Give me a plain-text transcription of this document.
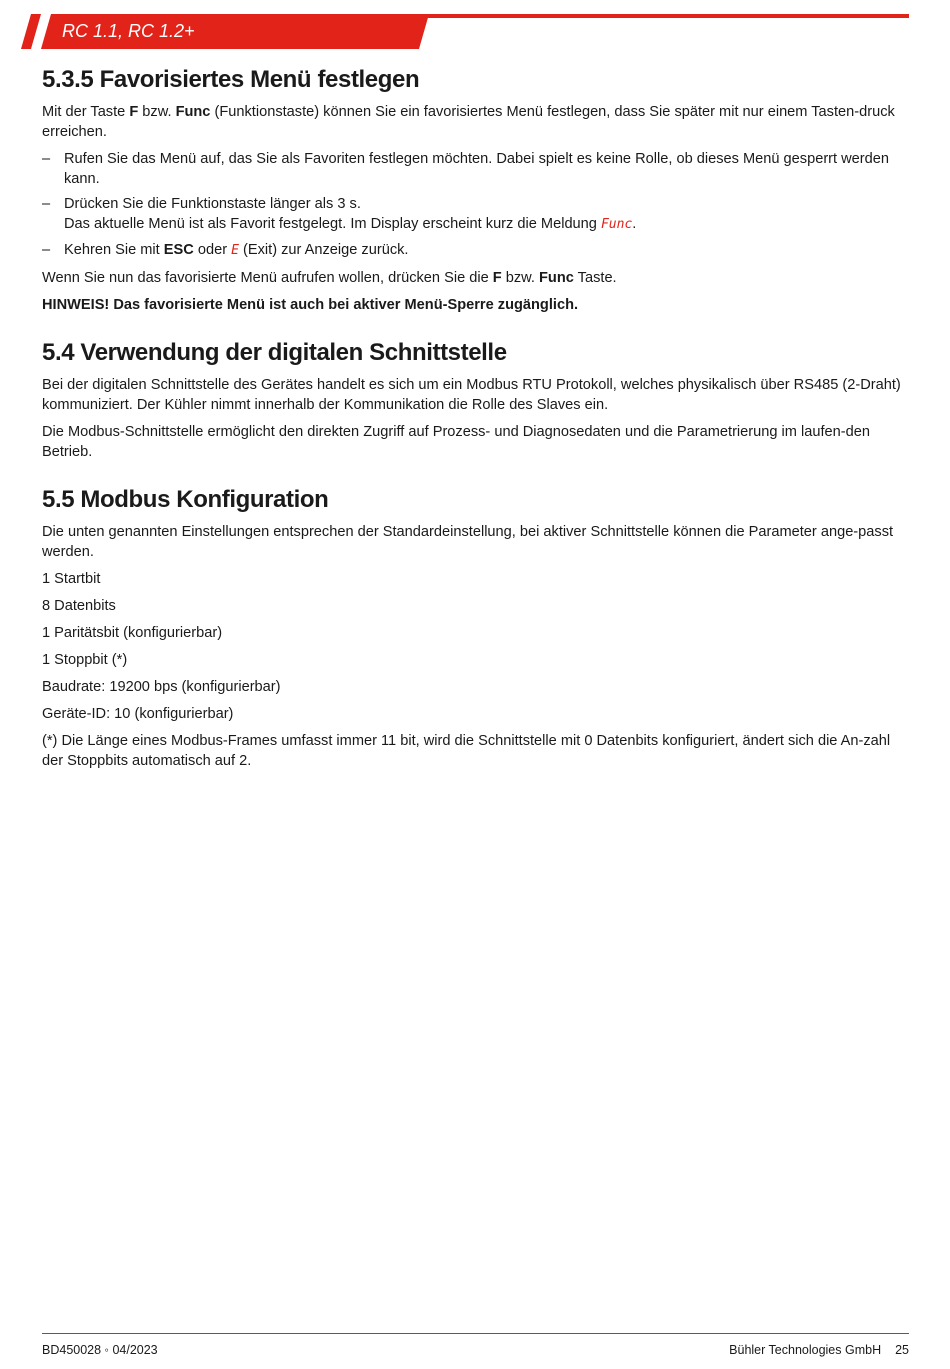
RC 1.1, RC 1.2+
5.3.5 Favorisiertes Menü festlegen

Mit der Taste F bzw. Func (Funktionstaste) können Sie ein favorisiertes Menü festlegen, dass Sie später mit nur einem Tasten-druck erreichen.

– Rufen Sie das Menü auf, das Sie als Favoriten festlegen möchten. Dabei spielt es keine Rolle, ob dieses Menü gesperrt werden kann.
– Drücken Sie die Funktionstaste länger als 3 s.
Das aktuelle Menü ist als Favorit festgelegt. Im Display erscheint kurz die Meldung Func.
– Kehren Sie mit ESC oder E (Exit) zur Anzeige zurück.

Wenn Sie nun das favorisierte Menü aufrufen wollen, drücken Sie die F bzw. Func Taste.

HINWEIS! Das favorisierte Menü ist auch bei aktiver Menü-Sperre zugänglich.

5.4 Verwendung der digitalen Schnittstelle

Bei der digitalen Schnittstelle des Gerätes handelt es sich um ein Modbus RTU Protokoll, welches physikalisch über RS485 (2-Draht) kommuniziert. Der Kühler nimmt innerhalb der Kommunikation die Rolle des Slaves ein.

Die Modbus-Schnittstelle ermöglicht den direkten Zugriff auf Prozess- und Diagnosedaten und die Parametrierung im laufen-den Betrieb.

5.5 Modbus Konfiguration

Die unten genannten Einstellungen entsprechen der Standardeinstellung, bei aktiver Schnittstelle können die Parameter ange-passt werden.

1 Startbit

8 Datenbits

1 Paritätsbit (konfigurierbar)

1 Stoppbit (*)

Baudrate: 19200 bps (konfigurierbar)

Geräte-ID: 10 (konfigurierbar)

(*) Die Länge eines Modbus-Frames umfasst immer 11 bit, wird die Schnittstelle mit 0 Datenbits konfiguriert, ändert sich die An-zahl der Stoppbits automatisch auf 2.

BD450028 ◦ 04/2023	Bühler Technologies GmbH 25
